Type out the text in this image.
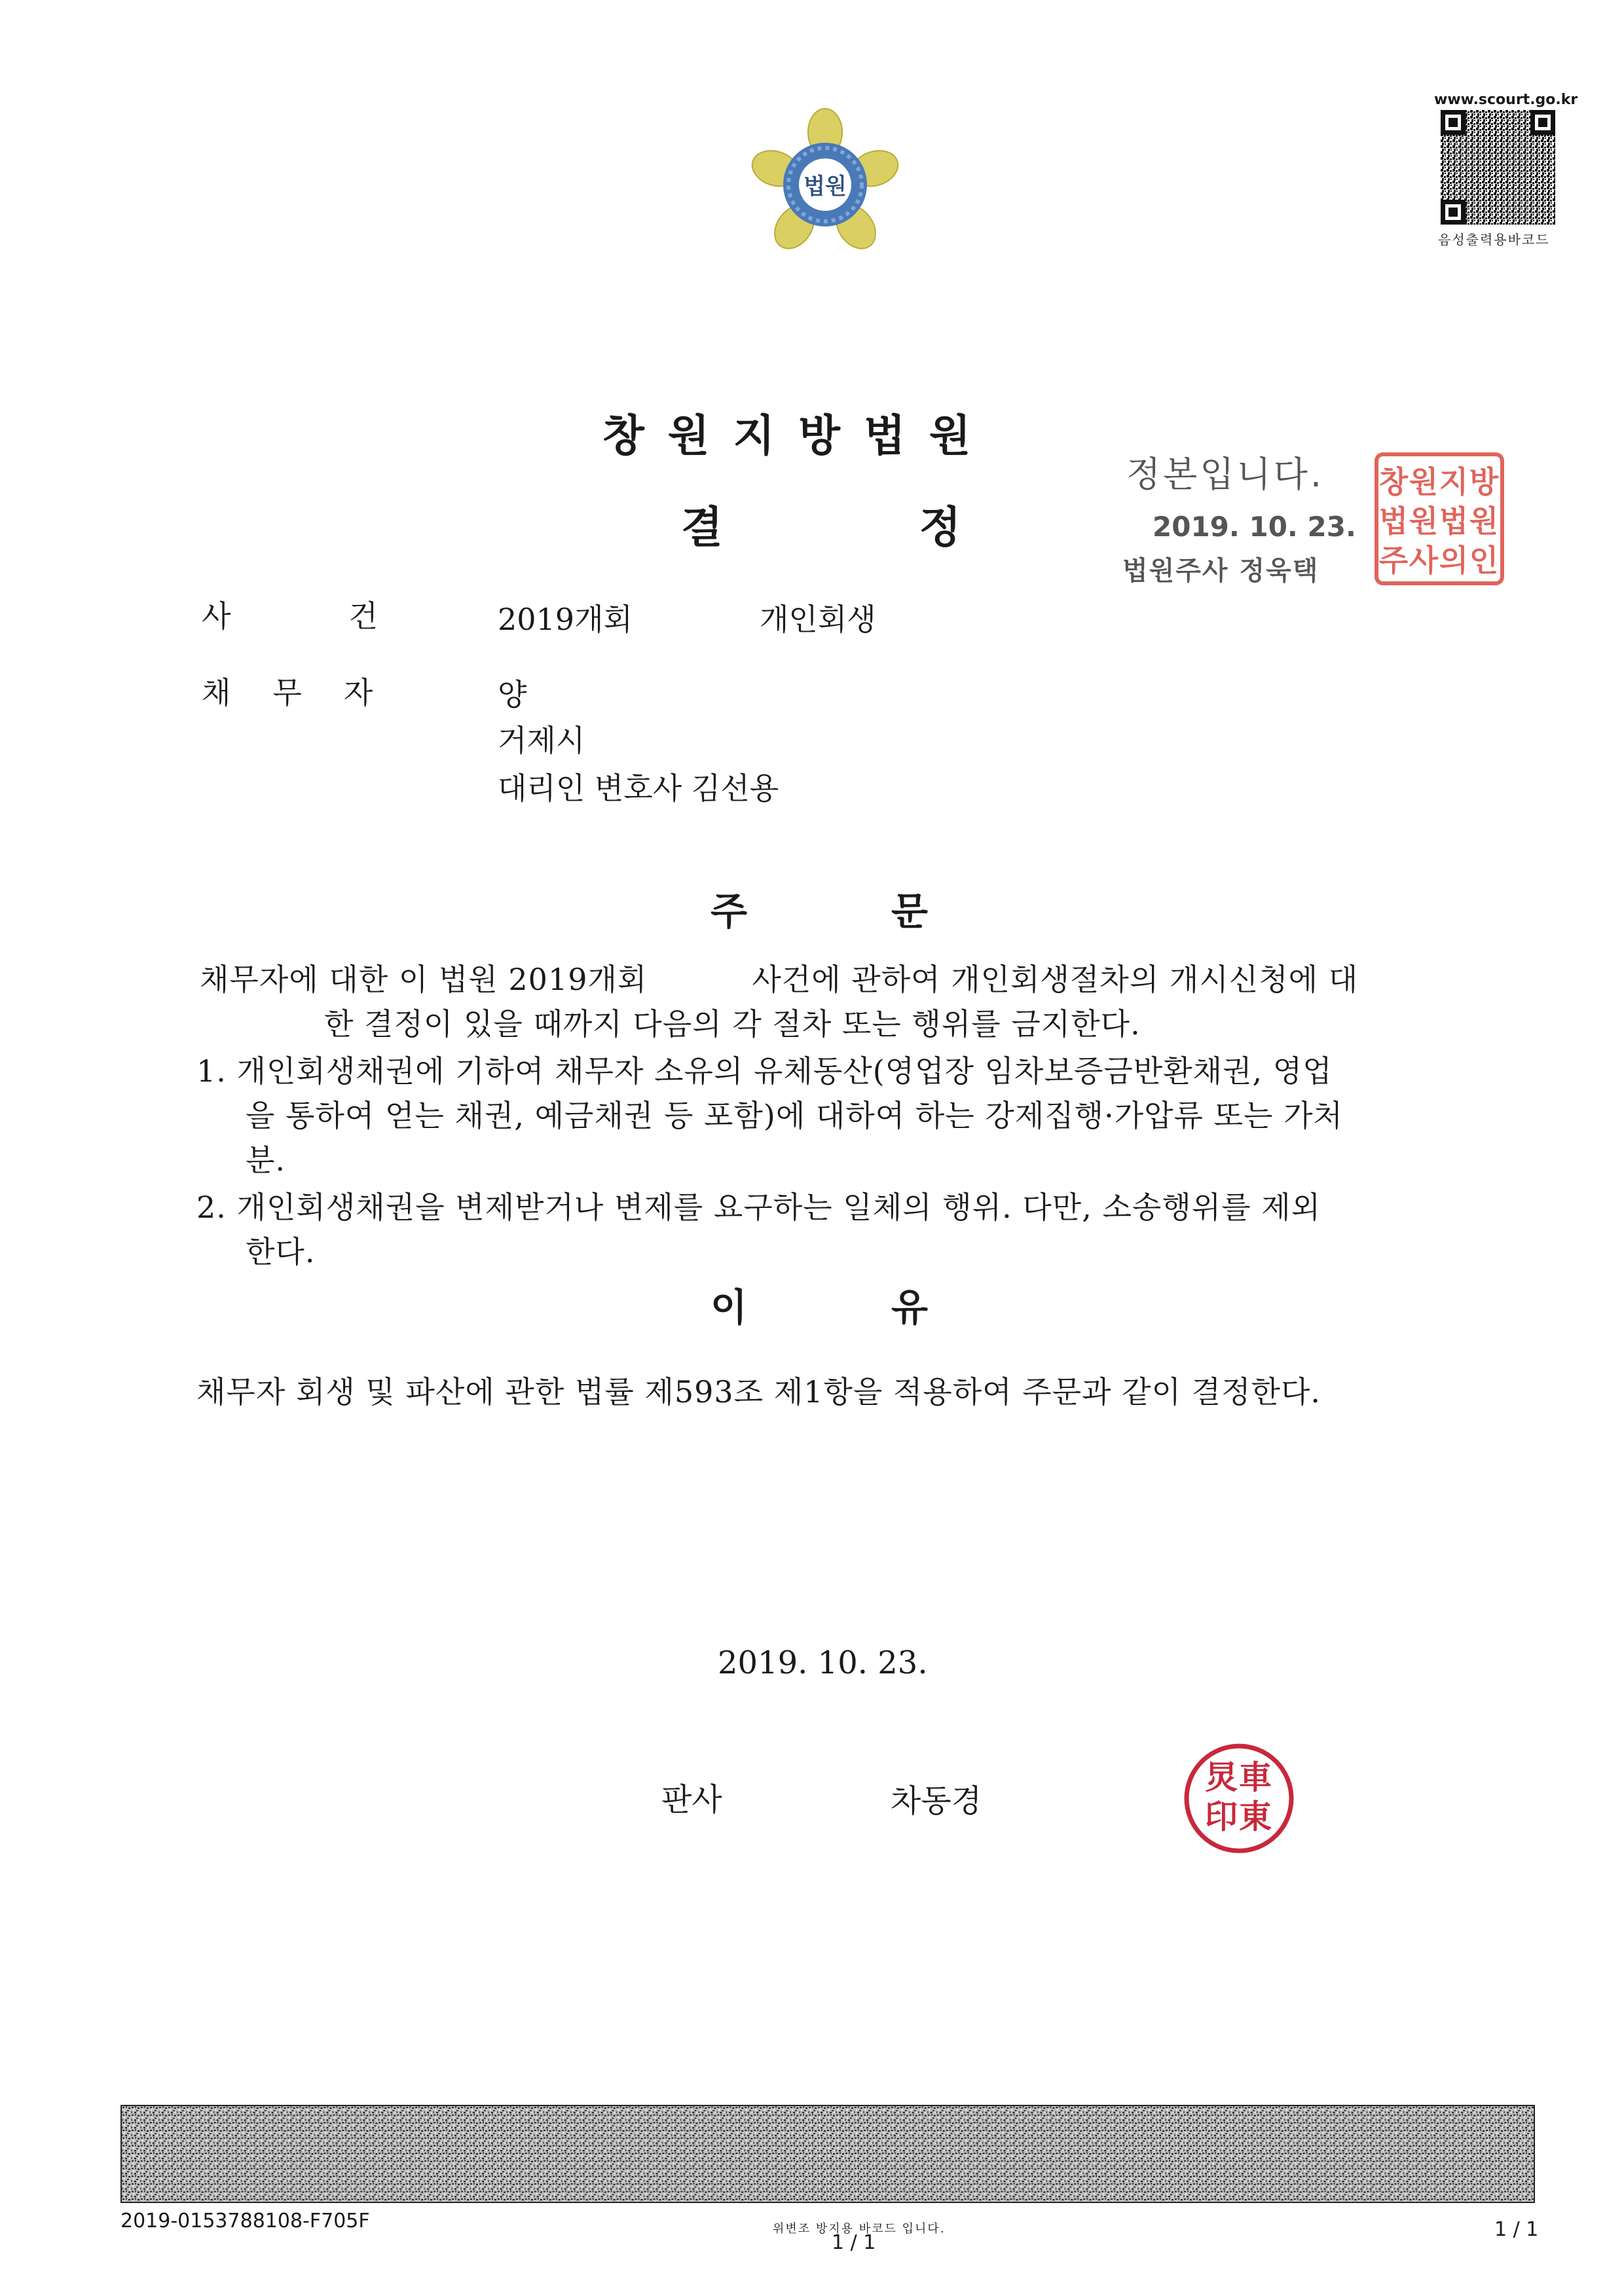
법원
www.scourt.go.kr
음성출력용바코드
창원지방법원
결	정
정본입니다.
2019. 10. 23.
법원주사 정욱택
창 원 지 방
법 원 법 원
주 사 의 인
사	건	2019개회	개인회생
채무자	양
거제시
대리인 변호사 김선용
주	문
채무자에 대한 이 법원 2019개회	사건에 관하여 개인회생절차의 개시신청에 대
한 결정이 있을 때까지 다음의 각 절차 또는 행위를 금지한다.
1. 개인회생채권에 기하여 채무자 소유의 유체동산(영업장 임차보증금반환채권, 영업
을 통하여 얻는 채권, 예금채권 등 포함)에 대하여 하는 강제집행·가압류 또는 가처
분.
2. 개인회생채권을 변제받거나 변제를 요구하는 일체의 행위. 다만, 소송행위를 제외
한다.
이	유
채무자 회생 및 파산에 관한 법률 제593조 제1항을 적용하여 주문과 같이 결정한다.
2019. 10. 23.
판사	차동경
車
東
炅
印
2019-0153788108-F705F	위변조 방지용 바코드 입니다.
1 / 1
1 / 1
